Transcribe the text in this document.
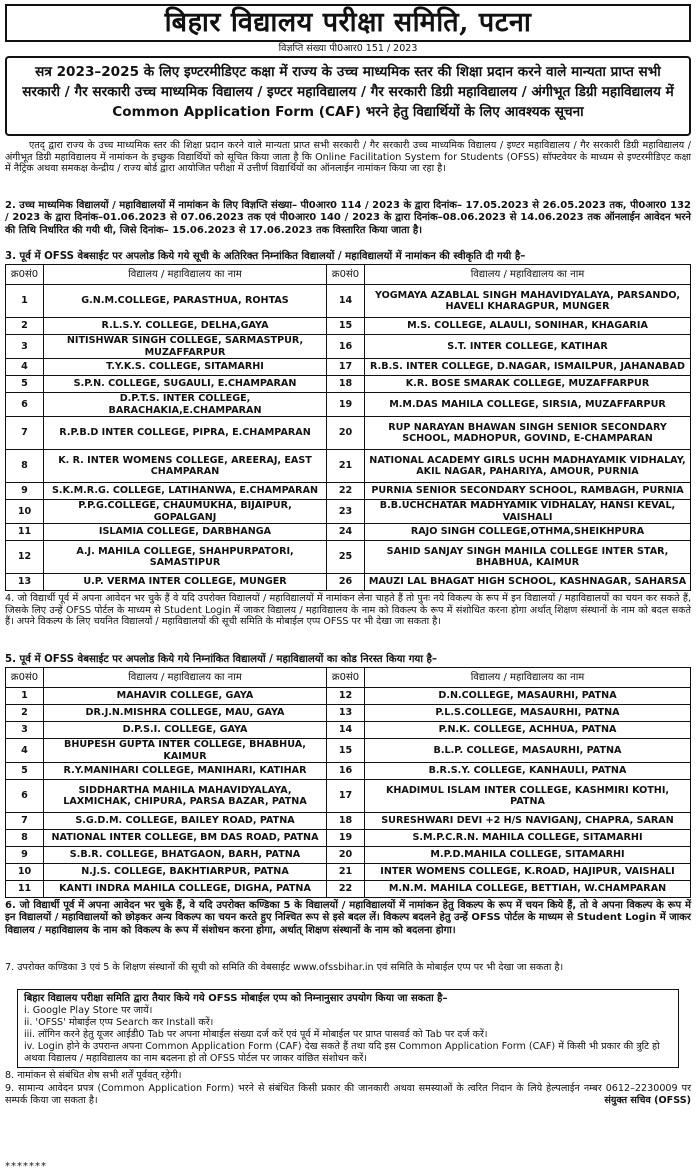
बिहार विद्यालय परीक्षा समिति, पटना
विज्ञप्ति संख्या पी0आर0 151 / 2023
सत्र 2023–2025 के लिए इण्टरमीडिएट कक्षा में राज्य के उच्च माध्यमिक स्तर की शिक्षा प्रदान करने वाले मान्यता प्राप्त सभी सरकारी / गैर सरकारी उच्च माध्यमिक विद्यालय / इण्टर महाविद्यालय / गैर सरकारी डिग्री महाविद्यालय / अंगीभूत डिग्री महाविद्यालय में Common Application Form (CAF) भरने हेतु विद्यार्थियों के लिए आवश्यक सूचना
एतद् द्वारा राज्य के उच्च माध्यमिक स्तर की शिक्षा प्रदान करने वाले मान्यता प्राप्त सभी सरकारी / गैर सरकारी उच्च माध्यमिक विद्यालय / इण्टर महाविद्यालय / गैर सरकारी डिग्री महाविद्यालय / अंगीभूत डिग्री महाविद्यालय में नामांकन के इच्छुक विद्यार्थियों को सूचित किया जाता है कि Online Facilitation System for Students (OFSS) सॉफ्टवेयर के माध्यम से इण्टरमीडिएट कक्षा में नैट्रिक अथवा समकक्ष केन्द्रीय / राज्य बोर्ड द्वारा आयोजित परीक्षा में उत्तीर्ण विद्यार्थियों का ऑनलाईन नामांकन किया जा रहा है।
2. उच्च माध्यमिक विद्यालयों / महाविद्यालयों में नामांकन के लिए विज्ञप्ति संख्या– पी0आर0 114 / 2023 के द्वारा दिनांक– 17.05.2023 से 26.05.2023 तक, पी0आर0 132 / 2023 के द्वारा दिनांक–01.06.2023 से 07.06.2023 तक एवं पी0आर0 140 / 2023 के द्वारा दिनांक–08.06.2023 से 14.06.2023 तक ऑनलाईन आवेदन भरने की तिथि निर्धारित की गयी थी, जिसे दिनांक– 15.06.2023 से 17.06.2023 तक विस्तारित किया जाता है।
3. पूर्व में OFSS वेबसाईट पर अपलोड किये गये सूची के अतिरिक्त निम्नांकित विद्यालयों / महाविद्यालयों में नामांकन की स्वीकृति दी गयी है–
क्र0सं0	विद्यालय / महाविद्यालय का नाम	क्र0सं0	विद्यालय / महाविद्यालय का नाम
1	G.N.M.COLLEGE, PARASTHUA, ROHTAS	14	YOGMAYA AZABLAL SINGH MAHAVIDYALAYA, PARSANDO, HAVELI KHARAGPUR, MUNGER
2	R.L.S.Y. COLLEGE, DELHA,GAYA	15	M.S. COLLEGE, ALAULI, SONIHAR, KHAGARIA
3	NITISHWAR SINGH COLLEGE, SARMASTPUR, MUZAFFARPUR	16	S.T. INTER COLLEGE, KATIHAR
4	T.Y.K.S. COLLEGE, SITAMARHI	17	R.B.S. INTER COLLEGE, D.NAGAR, ISMAILPUR, JAHANABAD
5	S.P.N. COLLEGE, SUGAULI, E.CHAMPARAN	18	K.R. BOSE SMARAK COLLEGE, MUZAFFARPUR
6	D.P.T.S. INTER COLLEGE, BARACHAKIA,E.CHAMPARAN	19	M.M.DAS MAHILA COLLEGE, SIRSIA, MUZAFFARPUR
7	R.P.B.D INTER COLLEGE, PIPRA, E.CHAMPARAN	20	RUP NARAYAN BHAWAN SINGH SENIOR SECONDARY SCHOOL, MADHOPUR, GOVIND, E-CHAMPARAN
8	K. R. INTER WOMENS COLLEGE, AREERAJ, EAST CHAMPARAN	21	NATIONAL ACADEMY GIRLS UCHH MADHAYAMIK VIDHALAY, AKIL NAGAR, PAHARIYA, AMOUR, PURNIA
9	S.K.M.R.G. COLLEGE, LATIHANWA, E.CHAMPARAN	22	PURNIA SENIOR SECONDARY SCHOOL, RAMBAGH, PURNIA
10	P.P.G.COLLEGE, CHAUMUKHA, BIJAIPUR, GOPALGANJ	23	B.B.UCHCHATAR MADHYAMIK VIDHALAY, HANSI KEVAL, VAISHALI
11	ISLAMIA COLLEGE, DARBHANGA	24	RAJO SINGH COLLEGE,OTHMA,SHEIKHPURA
12	A.J. MAHILA COLLEGE, SHAHPURPATORI, SAMASTIPUR	25	SAHID SANJAY SINGH MAHILA COLLEGE INTER STAR, BHABHUA, KAIMUR
13	U.P. VERMA INTER COLLEGE, MUNGER	26	MAUZI LAL BHAGAT HIGH SCHOOL, KASHNAGAR, SAHARSA
4. जो विद्यार्थी पूर्व में अपना आवेदन भर चुके हैं वे यदि उपरोक्त विद्यालयों / महाविद्यालयों में नामांकन लेना चाहते हैं तो पुनः नये विकल्प के रूप में इन विद्यालयों / महाविद्यालयों का चयन कर सकते हैं, जिसके लिए उन्हें OFSS पोर्टल के माध्यम से Student Login में जाकर विद्यालय / महाविद्यालय के नाम को विकल्प के रूप में संशोधित करना होगा अर्थात् शिक्षण संस्थानों के नाम को बदल सकते हैं। अपने विकल्प के लिए चयनित विद्यालयों / महाविद्यालयों की सूची समिति के मोबाईल एप्प OFSS पर भी देखा जा सकता है।
5. पूर्व में OFSS वेबसाईट पर अपलोड किये गये निम्नांकित विद्यालयों / महाविद्यालयों का कोड निरस्त किया गया है–
क्र0सं0	विद्यालय / महाविद्यालय का नाम	क्र0सं0	विद्यालय / महाविद्यालय का नाम
1	MAHAVIR COLLEGE, GAYA	12	D.N.COLLEGE, MASAURHI, PATNA
2	DR.J.N.MISHRA COLLEGE, MAU, GAYA	13	P.L.S.COLLEGE, MASAURHI, PATNA
3	D.P.S.I. COLLEGE, GAYA	14	P.N.K. COLLEGE, ACHHUA, PATNA
4	BHUPESH GUPTA INTER COLLEGE, BHABHUA, KAIMUR	15	B.L.P. COLLEGE, MASAURHI, PATNA
5	R.Y.MANIHARI COLLEGE, MANIHARI, KATIHAR	16	B.R.S.Y. COLLEGE, KANHAULI, PATNA
6	SIDDHARTHA MAHILA MAHAVIDYALAYA, LAXMICHAK, CHIPURA, PARSA BAZAR, PATNA	17	KHADIMUL ISLAM INTER COLLEGE, KASHMIRI KOTHI, PATNA
7	S.G.D.M. COLLEGE, BAILEY ROAD, PATNA	18	SURESHWARI DEVI +2 H/S NAVIGANJ, CHAPRA, SARAN
8	NATIONAL INTER COLLEGE, BM DAS ROAD, PATNA	19	S.M.P.C.R.N. MAHILA COLLEGE, SITAMARHI
9	S.B.R. COLLEGE, BHATGAON, BARH, PATNA	20	M.P.D.MAHILA COLLEGE, SITAMARHI
10	N.J.S. COLLEGE, BAKHTIARPUR, PATNA	21	INTER WOMENS COLLEGE, K.ROAD, HAJIPUR, VAISHALI
11	KANTI INDRA MAHILA COLLEGE, DIGHA, PATNA	22	M.N.M. MAHILA COLLEGE, BETTIAH, W.CHAMPARAN
6. जो विद्यार्थी पूर्व में अपना आवेदन भर चुके हैं, वे यदि उपरोक्त कण्डिका 5 के विद्यालयों / महाविद्यालयों में नामांकन हेतु विकल्प के रूप में चयन किये हैं, तो वे अपना विकल्प के रूप में इन विद्यालयों / महाविद्यालयों को छोड़कर अन्य विकल्प का चयन करते हुए निश्चित रूप से इसे बदल लें। विकल्प बदलने हेतु उन्हें OFSS पोर्टल के माध्यम से Student Login में जाकर विद्यालय / महाविद्यालय के नाम को विकल्प के रूप में संशोधन करना होगा, अर्थात् शिक्षण संस्थानों के नाम को बदलना होगा।
7. उपरोक्त कण्डिका 3 एवं 5 के शिक्षण संस्थानों की सूची को समिति की वेबसाईट www.ofssbihar.in एवं समिति के मोबाईल एप्प पर भी देखा जा सकता है।
बिहार विद्यालय परीक्षा समिति द्वारा तैयार किये गये OFSS मोबाईल एप्प को निम्नानुसार उपयोग किया जा सकता है–
i. Google Play Store पर जायें।
ii. 'OFSS' मोबाईल एप्प Search कर Install करें।
iii. लॉगिन करने हेतु यूजर आईडी0 Tab पर अपना मोबाईल संख्या दर्ज करें एवं पूर्व में मोबाईल पर प्राप्त पासवर्ड को Tab पर दर्ज करें।
iv. Login होने के उपरान्त अपना Common Application Form (CAF) देख सकते हैं तथा यदि इस Common Application Form (CAF) में किसी भी प्रकार की त्रुटि हो अथवा विद्यालय / महाविद्यालय का नाम बदलना हो तो OFSS पोर्टल पर जाकर वांछित संशोधन करें।
8. नामांकन से संबंधित शेष सभी शर्तें पूर्ववत् रहेगी।
9. सामान्य आवेदन प्रपत्र (Common Application Form) भरने से संबंधित किसी प्रकार की जानकारी अथवा समस्याओं के त्वरित निदान के लिये हेल्पलाईन नम्बर 0612–2230009 पर सम्पर्क किया जा सकता है।	संयुक्त सचिव (OFSS)
*******
